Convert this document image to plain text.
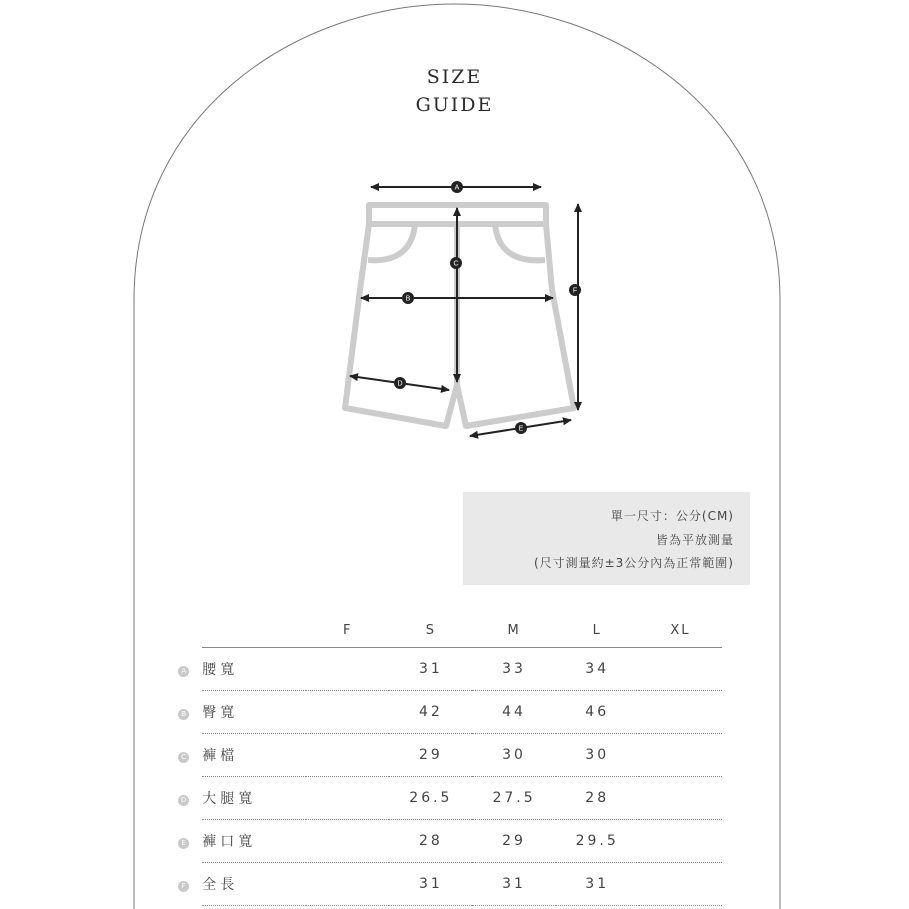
SIZE
GUIDE
A
B
C
D
E
F
單一尺寸：公分(CM)
皆為平放測量
(尺寸測量約±3公分內為正常範圍)
		F	S	M	L	XL
A	腰寬		31	33	34	
B	臀寬		42	44	46	
C	褲檔		29	30	30	
D	大腿寬		26.5	27.5	28	
E	褲口寬		28	29	29.5	
F	全長		31	31	31	
